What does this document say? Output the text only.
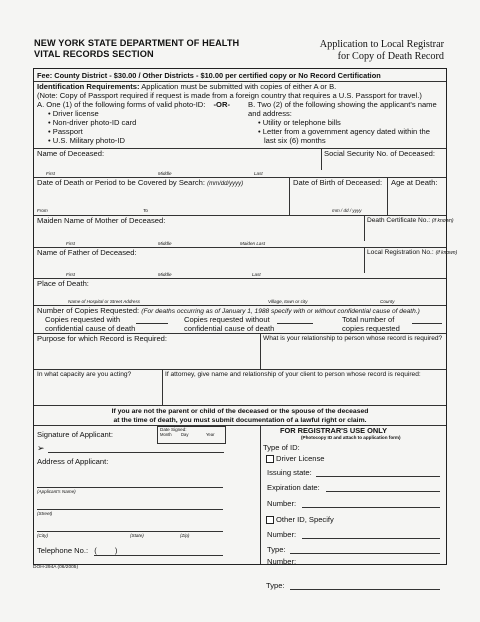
NEW YORK STATE DEPARTMENT OF HEALTH
VITAL RECORDS SECTION
Application to Local Registrar
for Copy of Death Record
Fee: County District - $30.00 / Other Districts - $10.00 per certified copy or No Record Certification
Identification Requirements: Application must be submitted with copies of either A or B.
(Note: Copy of Passport required if request is made from a foreign country that requires a U.S. Passport for travel.)
A. One (1) of the following forms of valid photo-ID: -OR-
• Driver license
• Non-driver photo-ID card
• Passport
• U.S. Military photo-ID
B. Two (2) of the following showing the applicant's name
and address:
• Utility or telephone bills
• Letter from a government agency dated within the
last six (6) months
Name of Deceased:	Social Security No. of Deceased:
First	Middle	Last
Date of Death or Period to be Covered by Search: (mm/dd/yyyy)	Date of Birth of Deceased: Age at Death:
From	To	mm / dd / yyyy
Maiden Name of Mother of Deceased:	Death Certificate No.: (if known)
First	Middle	Maiden Last
Name of Father of Deceased:	Local Registration No.: (if known)
First	Middle	Last
Place of Death:
Name of Hospital or Street Address	Village, town or city	County
Number of Copies Requested: (For deaths occurring as of January 1, 1988 specify with or without confidential cause of death.)
Copies requested with
confidential cause of death
Copies requested without
confidential cause of death
Total number of
copies requested
Purpose for which Record is Required:	What is your relationship to person whose record is required?
In what capacity are you acting?	If attorney, give name and relationship of your client to person whose record is required:
If you are not the parent or child of the deceased or the spouse of the deceased
at the time of death, you must submit documentation of a lawful right or claim.
Signature of Applicant:
Date Signed:
Month Day	Year
➢
Address of Applicant:
(Applicant's Name)
(Street)
(City)	(State)	(Zip)
Telephone No.: ( )
FOR REGISTRAR'S USE ONLY
(Photocopy ID and attach to application form)
Type of ID:
Driver License
Issuing state:
Expiration date:
Number:
Other ID, Specify
Number:
Type:
Number:
Type:
DOH-294A (06/2005)
